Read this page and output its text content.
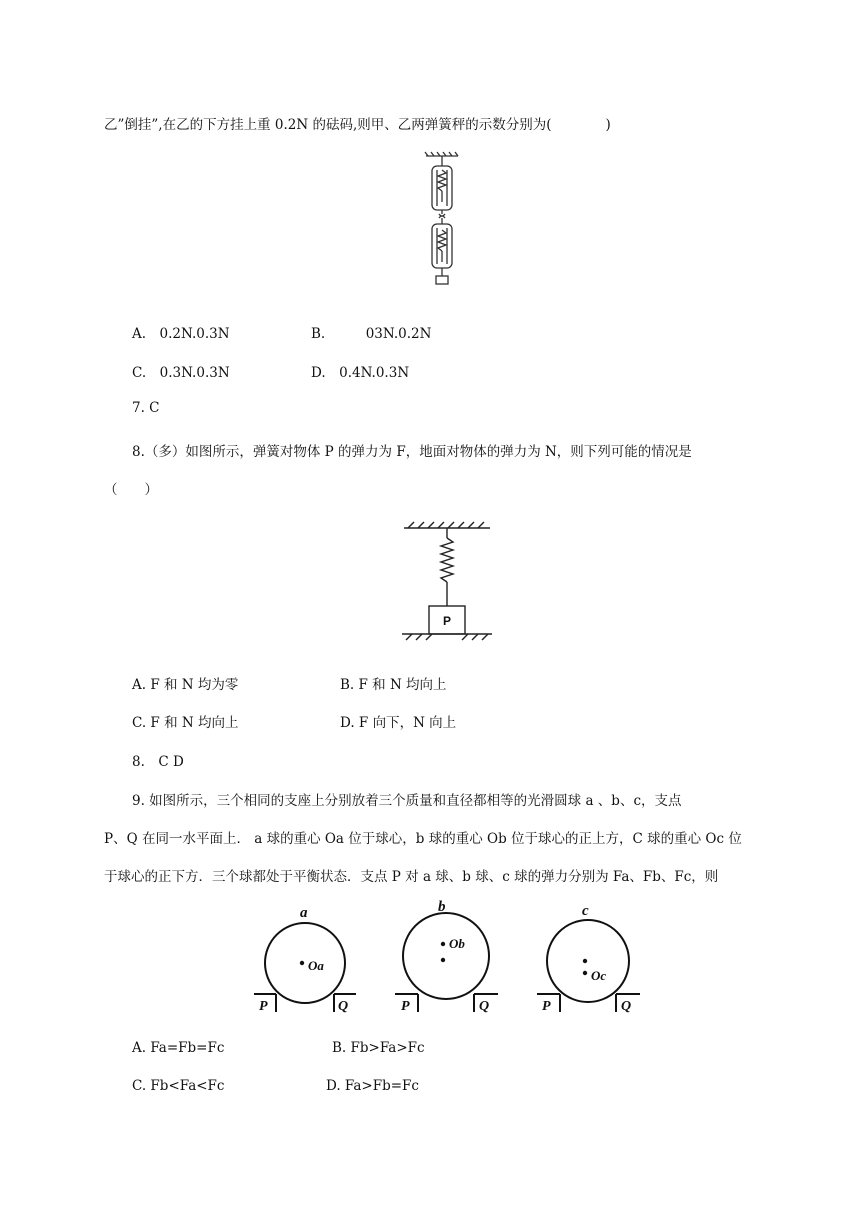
乙”倒挂”,在乙的下方挂上重 0.2N 的砝码,则甲、乙两弹簧秤的示数分别为(　　　　)
A.　0.2N.0.3N	B.　　　03N.0.2N
C.　0.3N.0.3N	D.　0.4N.0.3N
7. C
8.（多）如图所示，弹簧对物体 P 的弹力为 F，地面对物体的弹力为 N，则下列可能的情况是
（　　）
P
A. F 和 N 均为零	B. F 和 N 均向上
C. F 和 N 均向上	D. F 向下，N 向上
8.　C D
9. 如图所示，三个相同的支座上分别放着三个质量和直径都相等的光滑圆球 a 、b、c，支点
P、Q 在同一水平面上． a 球的重心 Oa 位于球心，b 球的重心 Ob 位于球心的正上方，C 球的重心 Oc 位
于球心的正下方．三个球都处于平衡状态．支点 P 对 a 球、b 球、c 球的弹力分别为 Fa、Fb、Fc，则
a	b	c
Oa
Ob
Oc
P	Q	P	Q	P	Q
A. Fa=Fb=Fc	B. Fb>Fa>Fc
C. Fb<Fa<Fc	D. Fa>Fb=Fc
